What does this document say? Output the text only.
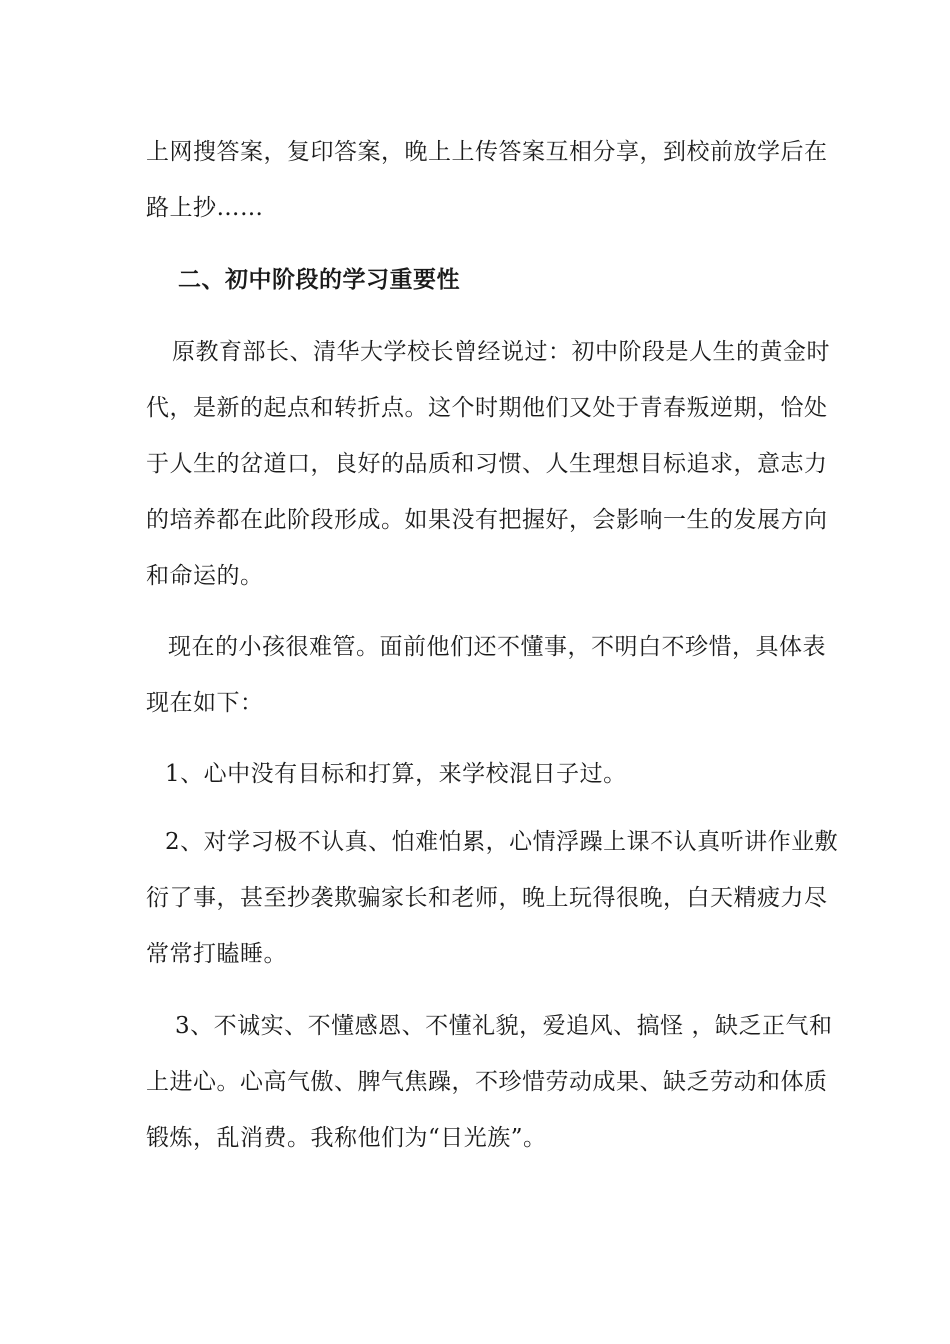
上网搜答案，复印答案，晚上上传答案互相分享，到校前放学后在
路上抄……
二、初中阶段的学习重要性
原教育部长、清华大学校长曾经说过：初中阶段是人生的黄金时
代，是新的起点和转折点。这个时期他们又处于青春叛逆期，恰处
于人生的岔道口，良好的品质和习惯、人生理想目标追求，意志力
的培养都在此阶段形成。如果没有把握好，会影响一生的发展方向
和命运的。
现在的小孩很难管。面前他们还不懂事，不明白不珍惜，具体表
现在如下：
1、心中没有目标和打算，来学校混日子过。
2、对学习极不认真、怕难怕累，心情浮躁上课不认真听讲作业敷
衍了事，甚至抄袭欺骗家长和老师，晚上玩得很晚，白天精疲力尽
常常打瞌睡。
3、不诚实、不懂感恩、不懂礼貌，爱追风、搞怪 ，缺乏正气和
上进心。心高气傲、脾气焦躁，不珍惜劳动成果、缺乏劳动和体质
锻炼，乱消费。我称他们为“日光族”。
